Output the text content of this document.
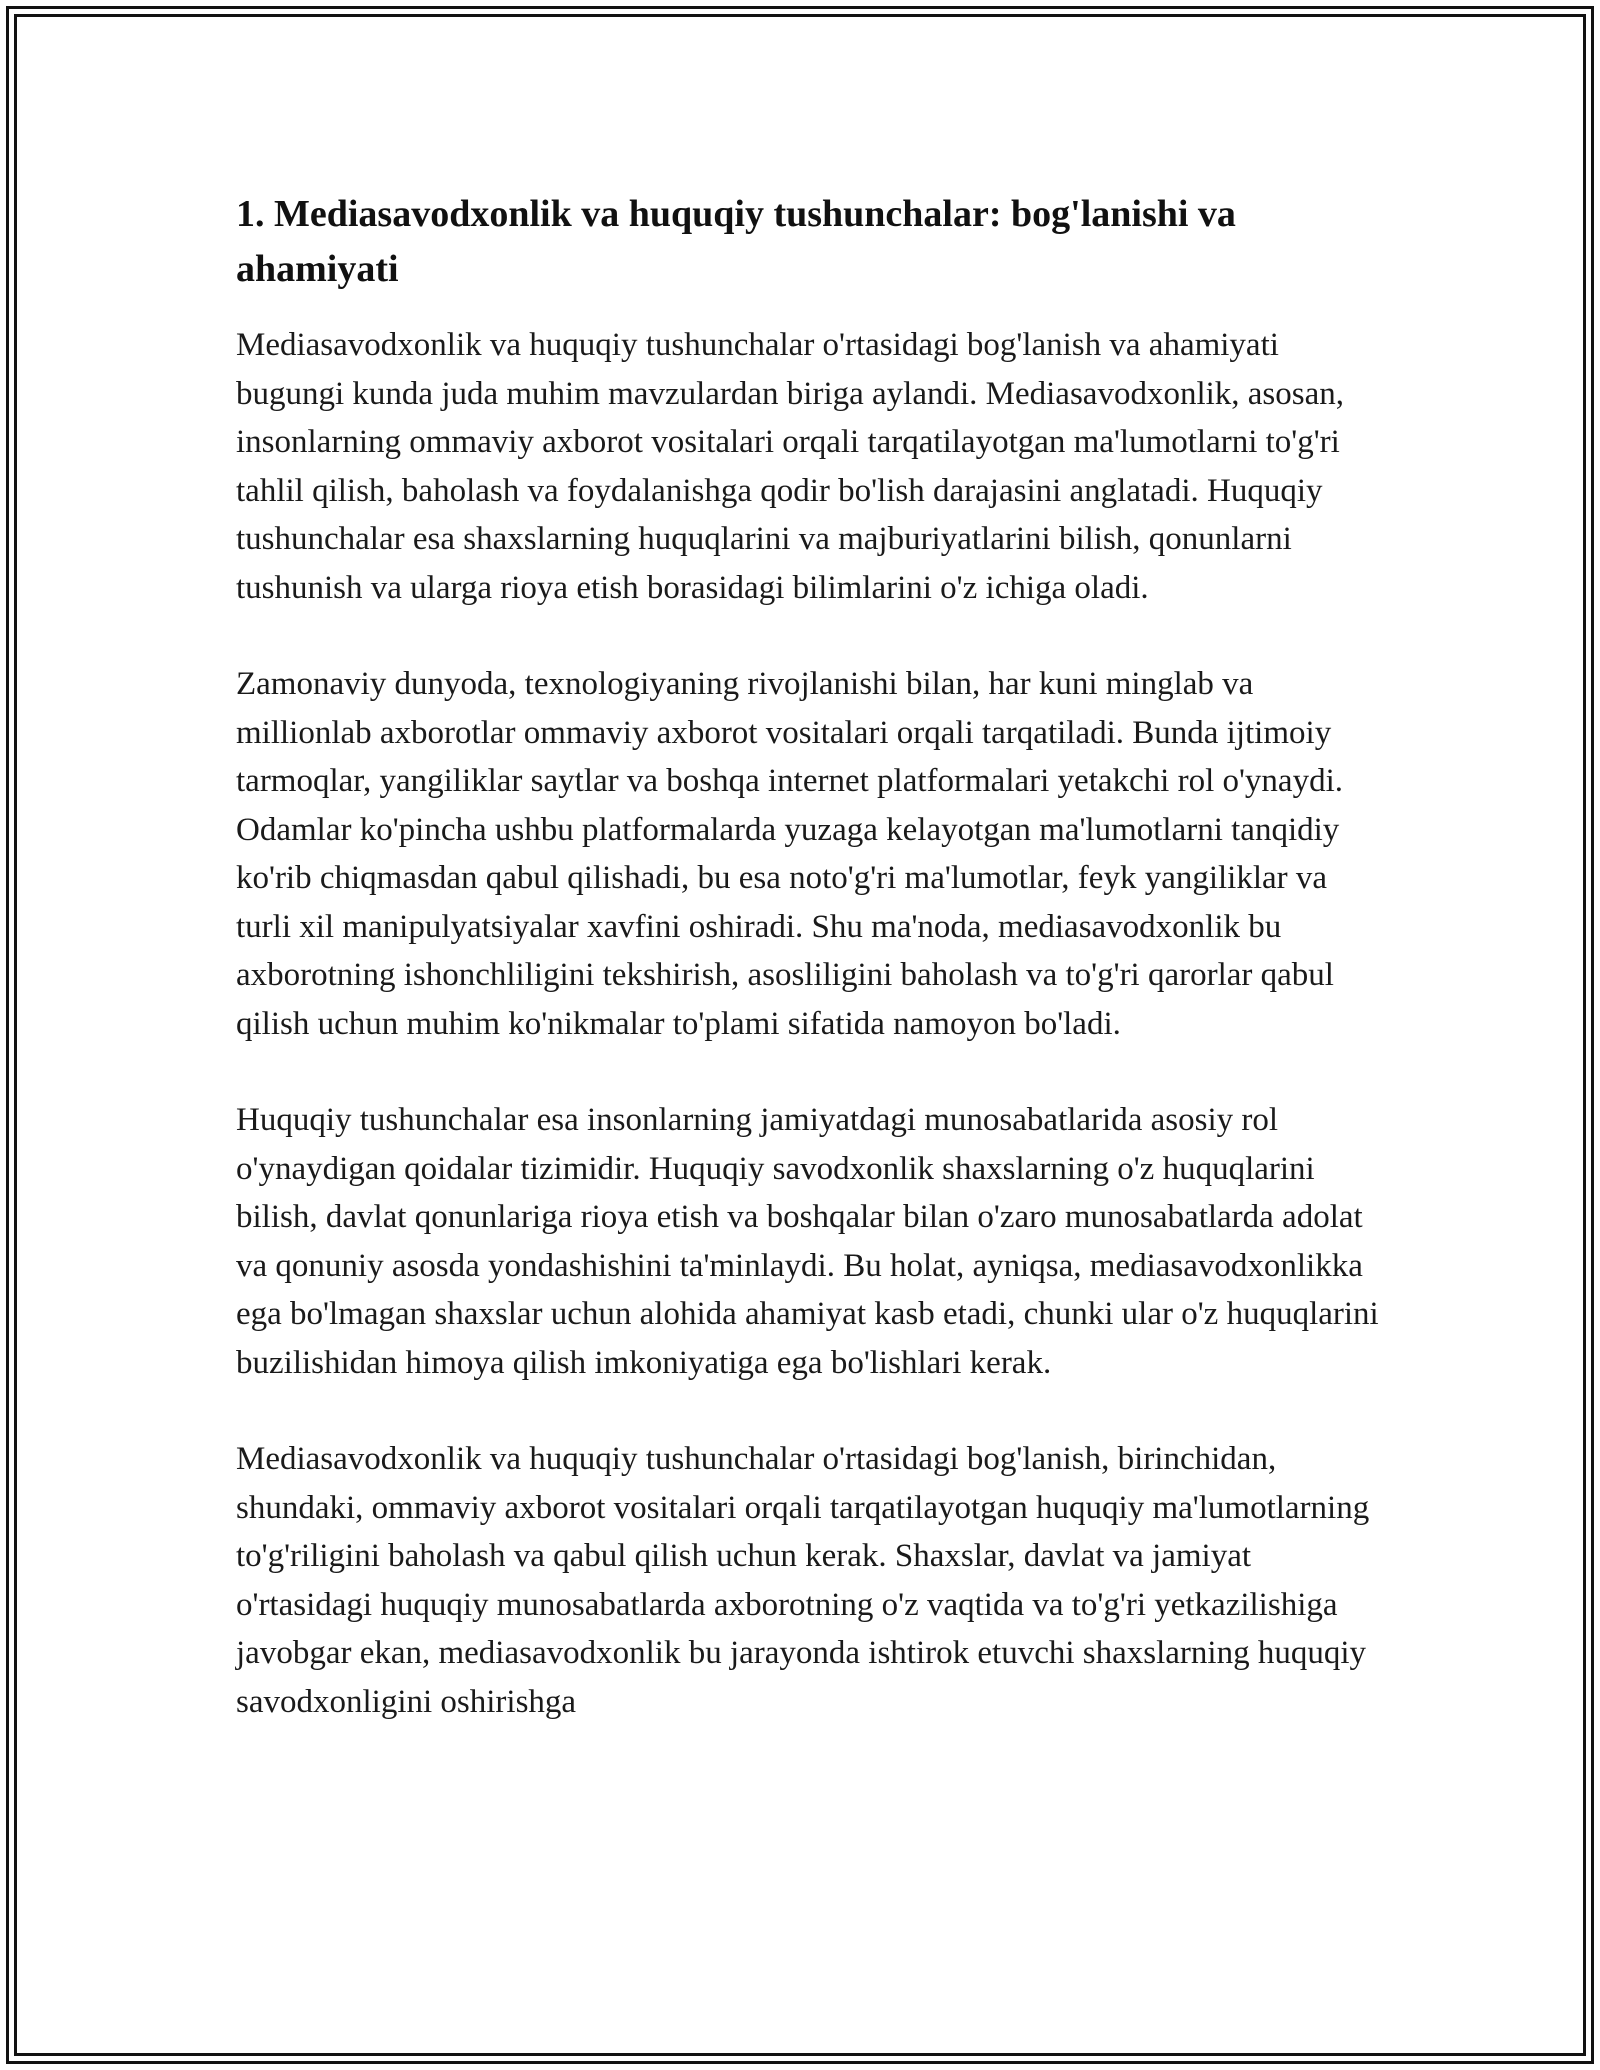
1. Mediasavodxonlik va huquqiy tushunchalar: bog'lanishi va ahamiyati

Mediasavodxonlik va huquqiy tushunchalar o'rtasidagi bog'lanish va ahamiyati bugungi kunda juda muhim mavzulardan biriga aylandi. Mediasavodxonlik, asosan, insonlarning ommaviy axborot vositalari orqali tarqatilayotgan ma'lumotlarni to'g'ri tahlil qilish, baholash va foydalanishga qodir bo'lish darajasini anglatadi. Huquqiy tushunchalar esa shaxslarning huquqlarini va majburiyatlarini bilish, qonunlarni tushunish va ularga rioya etish borasidagi bilimlarini o'z ichiga oladi.

Zamonaviy dunyoda, texnologiyaning rivojlanishi bilan, har kuni minglab va millionlab axborotlar ommaviy axborot vositalari orqali tarqatiladi. Bunda ijtimoiy tarmoqlar, yangiliklar saytlar va boshqa internet platformalari yetakchi rol o'ynaydi. Odamlar ko'pincha ushbu platformalarda yuzaga kelayotgan ma'lumotlarni tanqidiy ko'rib chiqmasdan qabul qilishadi, bu esa noto'g'ri ma'lumotlar, feyk yangiliklar va turli xil manipulyatsiyalar xavfini oshiradi. Shu ma'noda, mediasavodxonlik bu axborotning ishonchliligini tekshirish, asosliligini baholash va to'g'ri qarorlar qabul qilish uchun muhim ko'nikmalar to'plami sifatida namoyon bo'ladi.

Huquqiy tushunchalar esa insonlarning jamiyatdagi munosabatlarida asosiy rol o'ynaydigan qoidalar tizimidir. Huquqiy savodxonlik shaxslarning o'z huquqlarini bilish, davlat qonunlariga rioya etish va boshqalar bilan o'zaro munosabatlarda adolat va qonuniy asosda yondashishini ta'minlaydi. Bu holat, ayniqsa, mediasavodxonlikka ega bo'lmagan shaxslar uchun alohida ahamiyat kasb etadi, chunki ular o'z huquqlarini buzilishidan himoya qilish imkoniyatiga ega bo'lishlari kerak.

Mediasavodxonlik va huquqiy tushunchalar o'rtasidagi bog'lanish, birinchidan, shundaki, ommaviy axborot vositalari orqali tarqatilayotgan huquqiy ma'lumotlarning to'g'riligini baholash va qabul qilish uchun kerak. Shaxslar, davlat va jamiyat o'rtasidagi huquqiy munosabatlarda axborotning o'z vaqtida va to'g'ri yetkazilishiga javobgar ekan, mediasavodxonlik bu jarayonda ishtirok etuvchi shaxslarning huquqiy savodxonligini oshirishga
